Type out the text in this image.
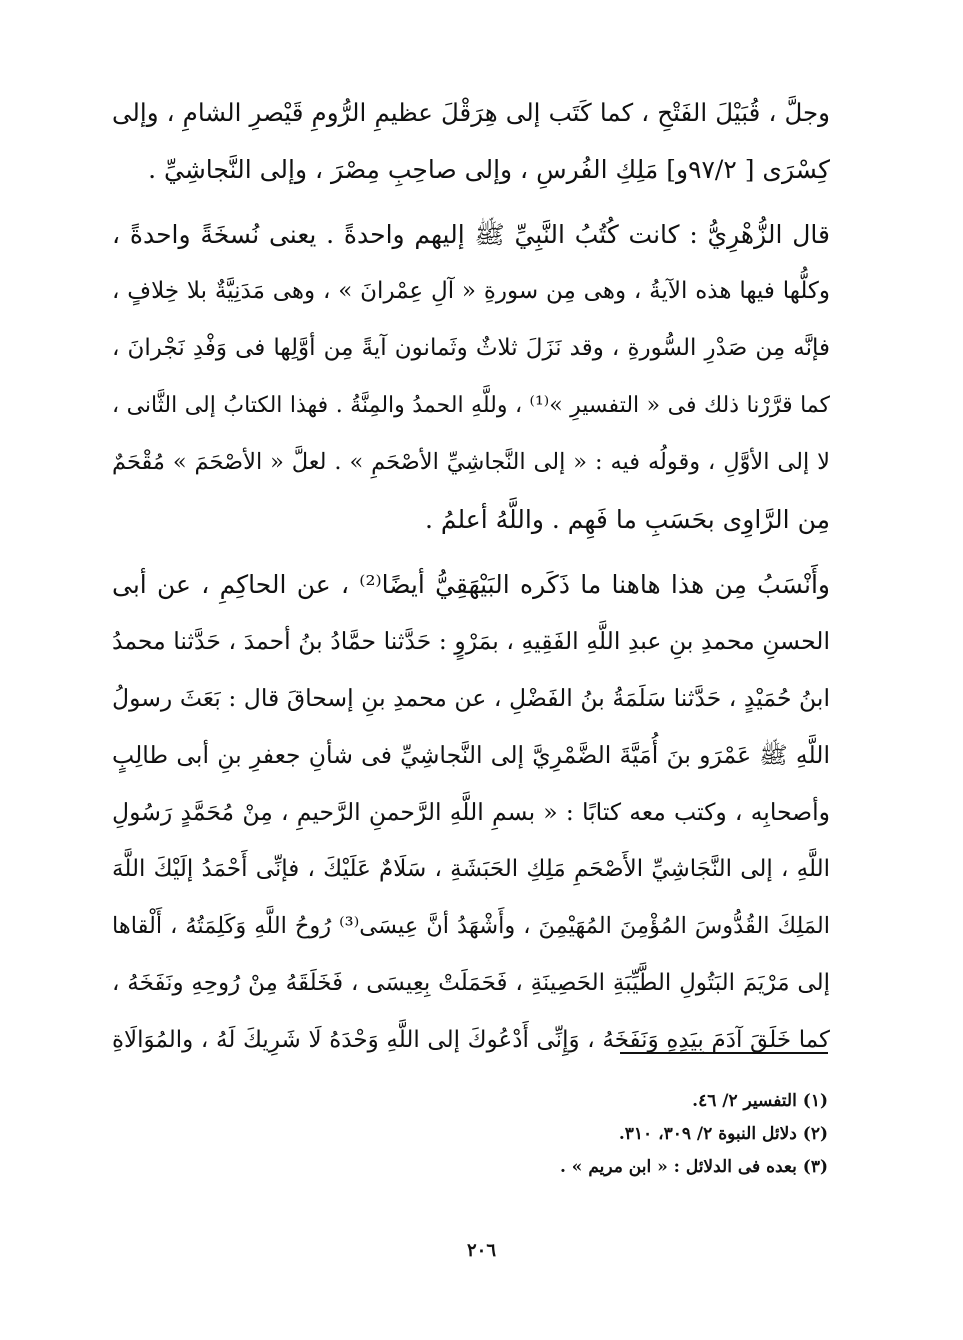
وجلَّ ، قُبَيْلَ الفَتْحِ ، كما كَتَب إلى هِرَقْلَ عظيمِ الرُّومِ قَيْصرِ الشامِ ، وإلى
كِسْرَى [ ٩٧/٢و] مَلِكِ الفُرسِ ، وإلى صاحِبِ مِصْرَ ، وإلى النَّجاشِيِّ .
قال الزُّهْرِيُّ : كانت كُتُبُ النَّبِيِّ ﷺ إليهم واحدةً . يعنى نُسخَةً واحدةً ،
وكلُّها فيها هذه الآيةُ ، وهى مِن سورةِ « آلِ عِمْرانَ » ، وهى مَدَنِيَّةٌ بلا خِلافٍ ،
فإنَّه مِن صَدْرِ السُّورةِ ، وقد نَزَلَ ثلاثٌ وثَمانون آيةً مِن أوَّلِها فى وَفْدِ نَجْرانَ ،
كما قرَّرْنا ذلك فى « التفسيرِ »⁽¹⁾ ، وللَّهِ الحمدُ والمِنَّةُ . فهذا الكتابُ إلى الثَّانى ،
لا إلى الأوَّلِ ، وقولُه فيه : « إلى النَّجاشِيِّ الأصْحَمِ » . لعلَّ « الأصْحَمَ » مُقْحَمٌ
مِن الرَّاوِى بحَسَبِ ما فَهِم . واللَّهُ أعلمُ .
وأَنْسَبُ مِن هذا هاهنا ما ذَكَره البَيْهَقِيُّ أيضًا⁽²⁾ ، عن الحاكِمِ ، عن أبى
الحسنِ محمدِ بنِ عبدِ اللَّهِ الفَقِيهِ ، بمَرْوٍ : حَدَّثنا حمَّادُ بنُ أحمدَ ، حَدَّثنا محمدُ
ابنُ حُمَيْدٍ ، حَدَّثنا سَلَمَةُ بنُ الفَضْلِ ، عن محمدِ بنِ إسحاقَ قال : بَعَثَ رسولُ
اللَّهِ ﷺ عَمْرَو بنَ أُمَيَّةَ الضَّمْرِيَّ إلى النَّجاشِيِّ فى شأنِ جعفرِ بنِ أبى طالِبٍ
وأصحابِه ، وكتب معه كتابًا : « بسمِ اللَّهِ الرَّحمنِ الرَّحيمِ ، مِنْ مُحَمَّدٍ رَسُولِ
اللَّهِ ، إلى النَّجَاشِيِّ الأَصْحَمِ مَلِكِ الحَبَشَةِ ، سَلَامٌ عَلَيْكَ ، فإنِّى أَحْمَدُ إلَيْكَ اللَّهَ
المَلِكَ القُدُّوسَ المُؤْمِنَ المُهَيْمِنَ ، وأَشْهَدُ أنَّ عِيسَى⁽³⁾ رُوحُ اللَّهِ وَكَلِمَتُهُ ، أَلْقاها
إلى مَرْيَمَ البَتُولِ الطَّيِّبَةِ الحَصِينَةِ ، فَحَمَلَتْ بِعِيسَى ، فَخَلَقَهُ مِنْ رُوحِهِ ونَفَخَهُ ،
كما خَلَقَ آدَمَ بِيَدِهِ وَنَفَخَهُ ، وَإِنِّى أَدْعُوكَ إلى اللَّهِ وَحْدَهُ لَا شَرِيكَ لَهُ ، والمُوَالَاةِ
(١) التفسير ٢/ ٤٦.
(٢) دلائل النبوة ٢/ ٣٠٩، ٣١٠.
(٣) بعده فى الدلائل : « ابن مريم » .
٢٠٦
